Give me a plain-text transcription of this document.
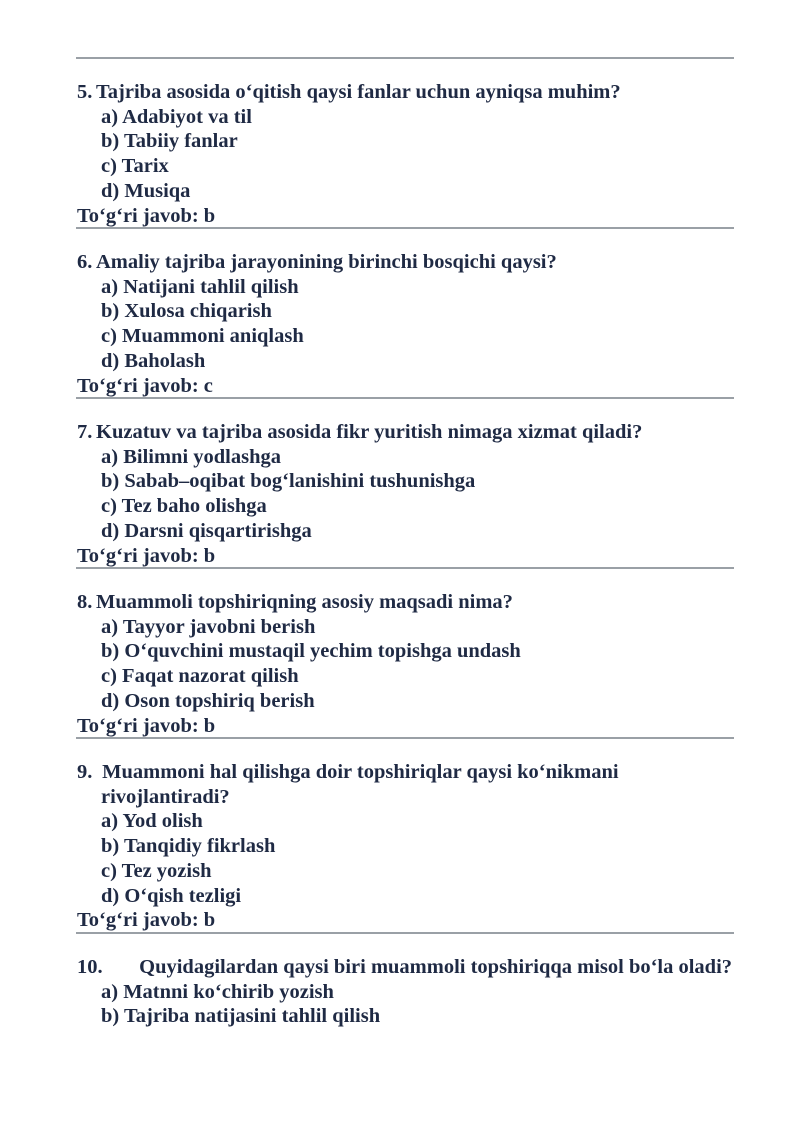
5. Tajriba asosida o‘qitish qaysi fanlar uchun ayniqsa muhim?
a) Adabiyot va til
b) Tabiiy fanlar
c) Tarix
d) Musiqa
To‘g‘ri javob: b
6. Amaliy tajriba jarayonining birinchi bosqichi qaysi?
a) Natijani tahlil qilish
b) Xulosa chiqarish
c) Muammoni aniqlash
d) Baholash
To‘g‘ri javob: c
7. Kuzatuv va tajriba asosida fikr yuritish nimaga xizmat qiladi?
a) Bilimni yodlashga
b) Sabab–oqibat bog‘lanishini tushunishga
c) Tez baho olishga
d) Darsni qisqartirishga
To‘g‘ri javob: b
8. Muammoli topshiriqning asosiy maqsadi nima?
a) Tayyor javobni berish
b) O‘quvchini mustaqil yechim topishga undash
c) Faqat nazorat qilish
d) Oson topshiriq berish
To‘g‘ri javob: b
9. Muammoni hal qilishga doir topshiriqlar qaysi ko‘nikmani rivojlantiradi?
a) Yod olish
b) Tanqidiy fikrlash
c) Tez yozish
d) O‘qish tezligi
To‘g‘ri javob: b
10. Quyidagilardan qaysi biri muammoli topshiriqqa misol bo‘la oladi?
a) Matnni ko‘chirib yozish
b) Tajriba natijasini tahlil qilish
